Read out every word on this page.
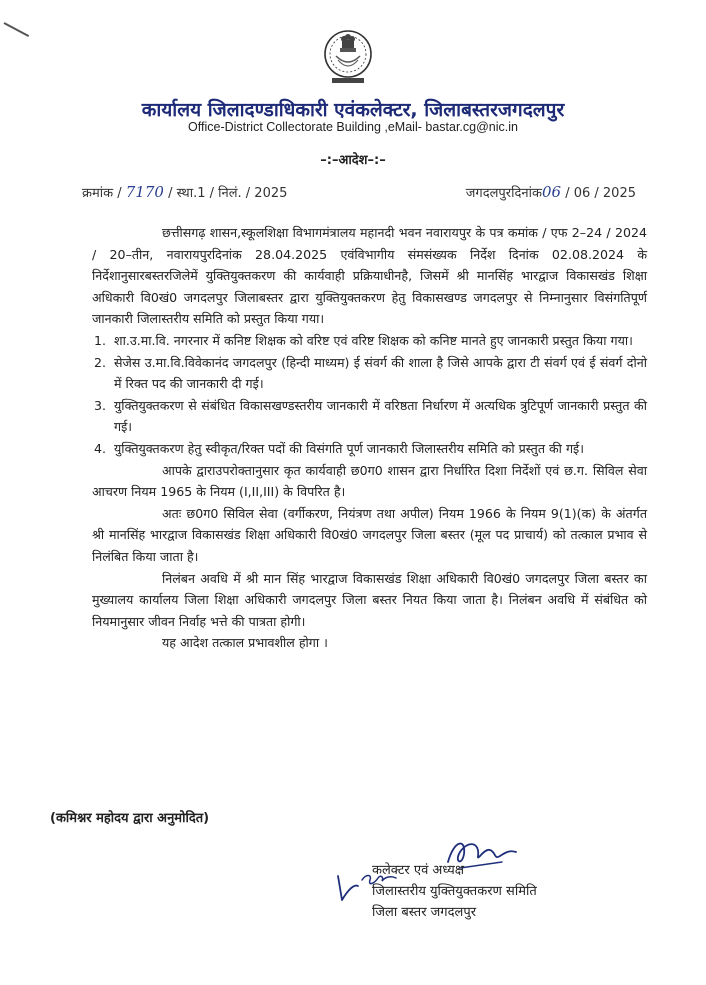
कार्यालय जिलादण्डाधिकारी एवंकलेक्टर, जिलाबस्तरजगदलपुर
Office-District Collectorate Building ,eMail- bastar.cg@nic.in
–:–आदेश–:–
क्रमांक / 7170 / स्था.1 / निलं. / 2025	जगदलपुरदिनांक06 / 06 / 2025

छत्तीसगढ़ शासन,स्कूलशिक्षा विभागमंत्रालय महानदी भवन नवारायपुर के पत्र कमांक / एफ 2–24 / 2024 / 20–तीन, नवारायपुरदिनांक 28.04.2025 एवंविभागीय संमसंख्यक निर्देश दिनांक 02.08.2024 के निर्देशानुसारबस्तरजिलेमें युक्तियुक्तकरण की कार्यवाही प्रक्रियाधीनहै, जिसमें श्री मानसिंह भारद्वाज विकासखंड शिक्षा अधिकारी वि0खं0 जगदलपुर जिलाबस्तर द्वारा युक्तियुक्तकरण हेतु विकासखण्ड जगदलपुर से निम्नानुसार विसंगतिपूर्ण जानकारी जिलास्तरीय समिति को प्रस्तुत किया गया।

1. शा.उ.मा.वि. नगरनार में कनिष्ट शिक्षक को वरिष्ट एवं वरिष्ट शिक्षक को कनिष्ट मानते हुए जानकारी प्रस्तुत किया गया।
2. सेजेस उ.मा.वि.विवेकानंद जगदलपुर (हिन्दी माध्यम) ई संवर्ग की शाला है जिसे आपके द्वारा टी संवर्ग एवं ई संवर्ग दोनो में रिक्त पद की जानकारी दी गई।
3. युक्तियुक्तकरण से संबंधित विकासखण्डस्तरीय जानकारी में वरिष्ठता निर्धारण में अत्यधिक त्रुटिपूर्ण जानकारी प्रस्तुत की गई।
4. युक्तियुक्तकरण हेतु स्वीकृत/रिक्त पदों की विसंगति पूर्ण जानकारी जिलास्तरीय समिति को प्रस्तुत की गई।

आपके द्वाराउपरोक्तानुसार कृत कार्यवाही छ0ग0 शासन द्वारा निर्धारित दिशा निर्देशों एवं छ.ग. सिविल सेवा आचरण नियम 1965 के नियम (I,II,III) के विपरित है।

अतः छ0ग0 सिविल सेवा (वर्गीकरण, नियंत्रण तथा अपील) नियम 1966 के नियम 9(1)(क) के अंतर्गत श्री मानसिंह भारद्वाज विकासखंड शिक्षा अधिकारी वि0खं0 जगदलपुर जिला बस्तर (मूल पद प्राचार्य) को तत्काल प्रभाव से निलंबित किया जाता है।

निलंबन अवधि में श्री मान सिंह भारद्वाज विकासखंड शिक्षा अधिकारी वि0खं0 जगदलपुर जिला बस्तर का मुख्यालय कार्यालय जिला शिक्षा अधिकारी जगदलपुर जिला बस्तर नियत किया जाता है। निलंबन अवधि में संबंधित को नियमानुसार जीवन निर्वाह भत्ते की पात्रता होगी।

यह आदेश तत्काल प्रभावशील होगा ।

(कमिश्नर महोदय द्वारा अनुमोदित)
कलेक्टर एवं अध्यक्ष
जिलास्तरीय युक्तियुक्तकरण समिति
जिला बस्तर जगदलपुर
